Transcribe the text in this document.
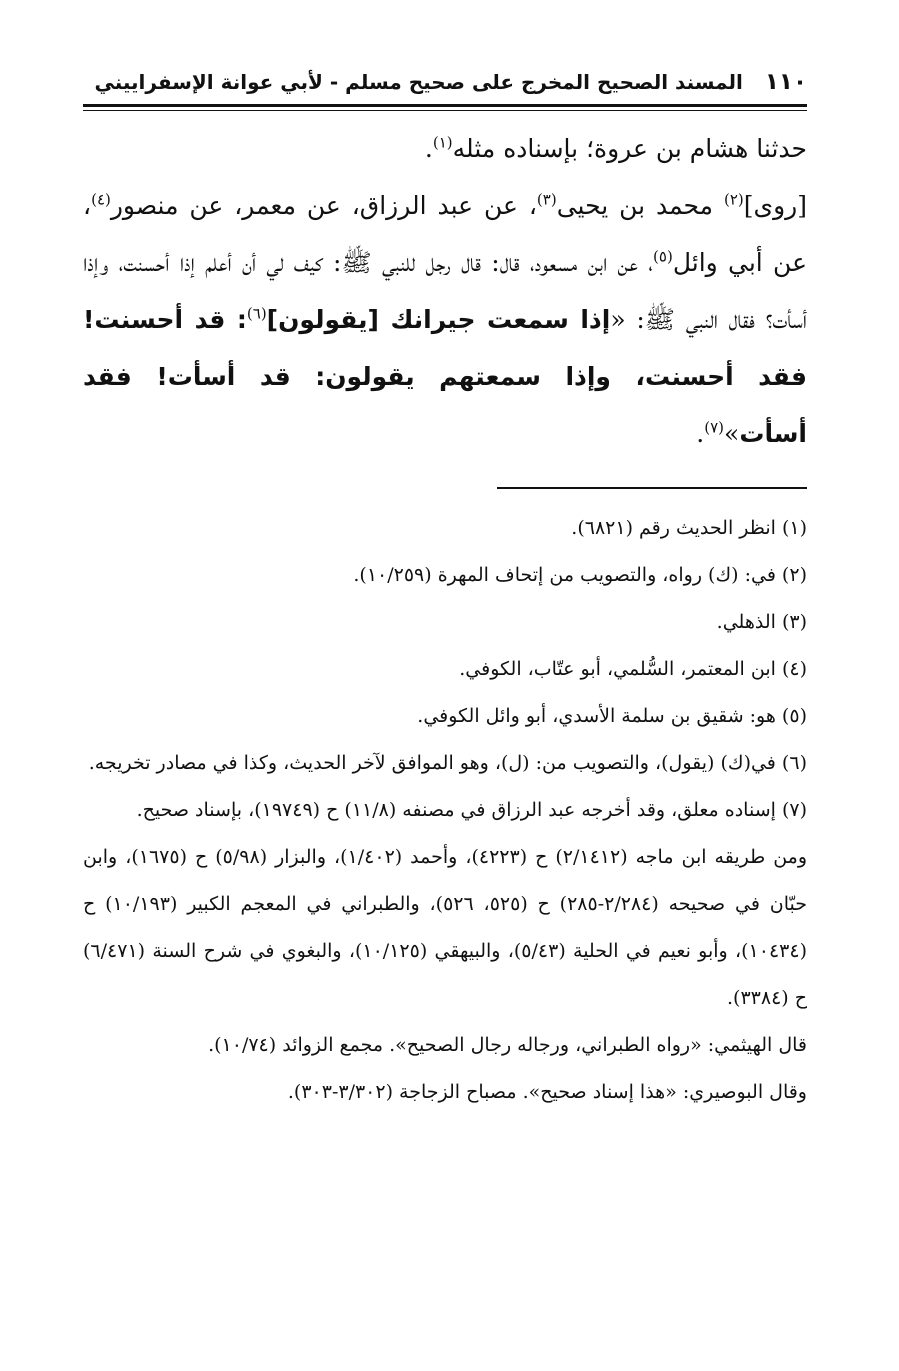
١١٠
المسند الصحيح المخرج على صحيح مسلم - لأبي عوانة الإسفراييني

حدثنا هشام بن عروة؛ بإسناده مثله$^{(١)}$.

[روى]$^{(٢)}$ محمد بن يحيى$^{(٣)}$، عن عبد الرزاق، عن معمر، عن منصور$^{(٤)}$، عن أبي وائل$^{(٥)}$، عن ابن مسعود، قال: قال رجل للنبي ﷺ: كيف لي أن أعلم إذا أحسنت، وإذا أسأت؟ فقال النبي ﷺ: «إذا سمعت جيرانك [يقولون]$^{(٦)}$: قد أحسنت! فقد أحسنت، وإذا سمعتهم يقولون: قد أسأت! فقد أسأت»$^{(٧)}$.

(١) انظر الحديث رقم (٦٨٢١).

(٢) في: (ك) رواه، والتصويب من إتحاف المهرة (١٠/٢٥٩).

(٣) الذهلي.

(٤) ابن المعتمر، السُّلمي، أبو عتّاب، الكوفي.

(٥) هو: شقيق بن سلمة الأسدي، أبو وائل الكوفي.

(٦) في(ك) (يقول)، والتصويب من: (ل)، وهو الموافق لآخر الحديث، وكذا في مصادر تخريجه.

(٧) إسناده معلق، وقد أخرجه عبد الرزاق في مصنفه (١١/٨) ح (١٩٧٤٩)، بإسناد صحيح.

ومن طريقه ابن ماجه (٢/١٤١٢) ح (٤٢٢٣)، وأحمد (١/٤٠٢)، والبزار (٥/٩٨) ح (١٦٧٥)، وابن حبّان في صحيحه (٢/٢٨٤-٢٨٥) ح (٥٢٥، ٥٢٦)، والطبراني في المعجم الكبير (١٠/١٩٣) ح (١٠٤٣٤)، وأبو نعيم في الحلية (٥/٤٣)، والبيهقي (١٠/١٢٥)، والبغوي في شرح السنة (٦/٤٧١) ح (٣٣٨٤).

قال الهيثمي: «رواه الطبراني، ورجاله رجال الصحيح». مجمع الزوائد (١٠/٧٤).

وقال البوصيري: «هذا إسناد صحيح». مصباح الزجاجة (٣/٣٠٢-٣٠٣).
